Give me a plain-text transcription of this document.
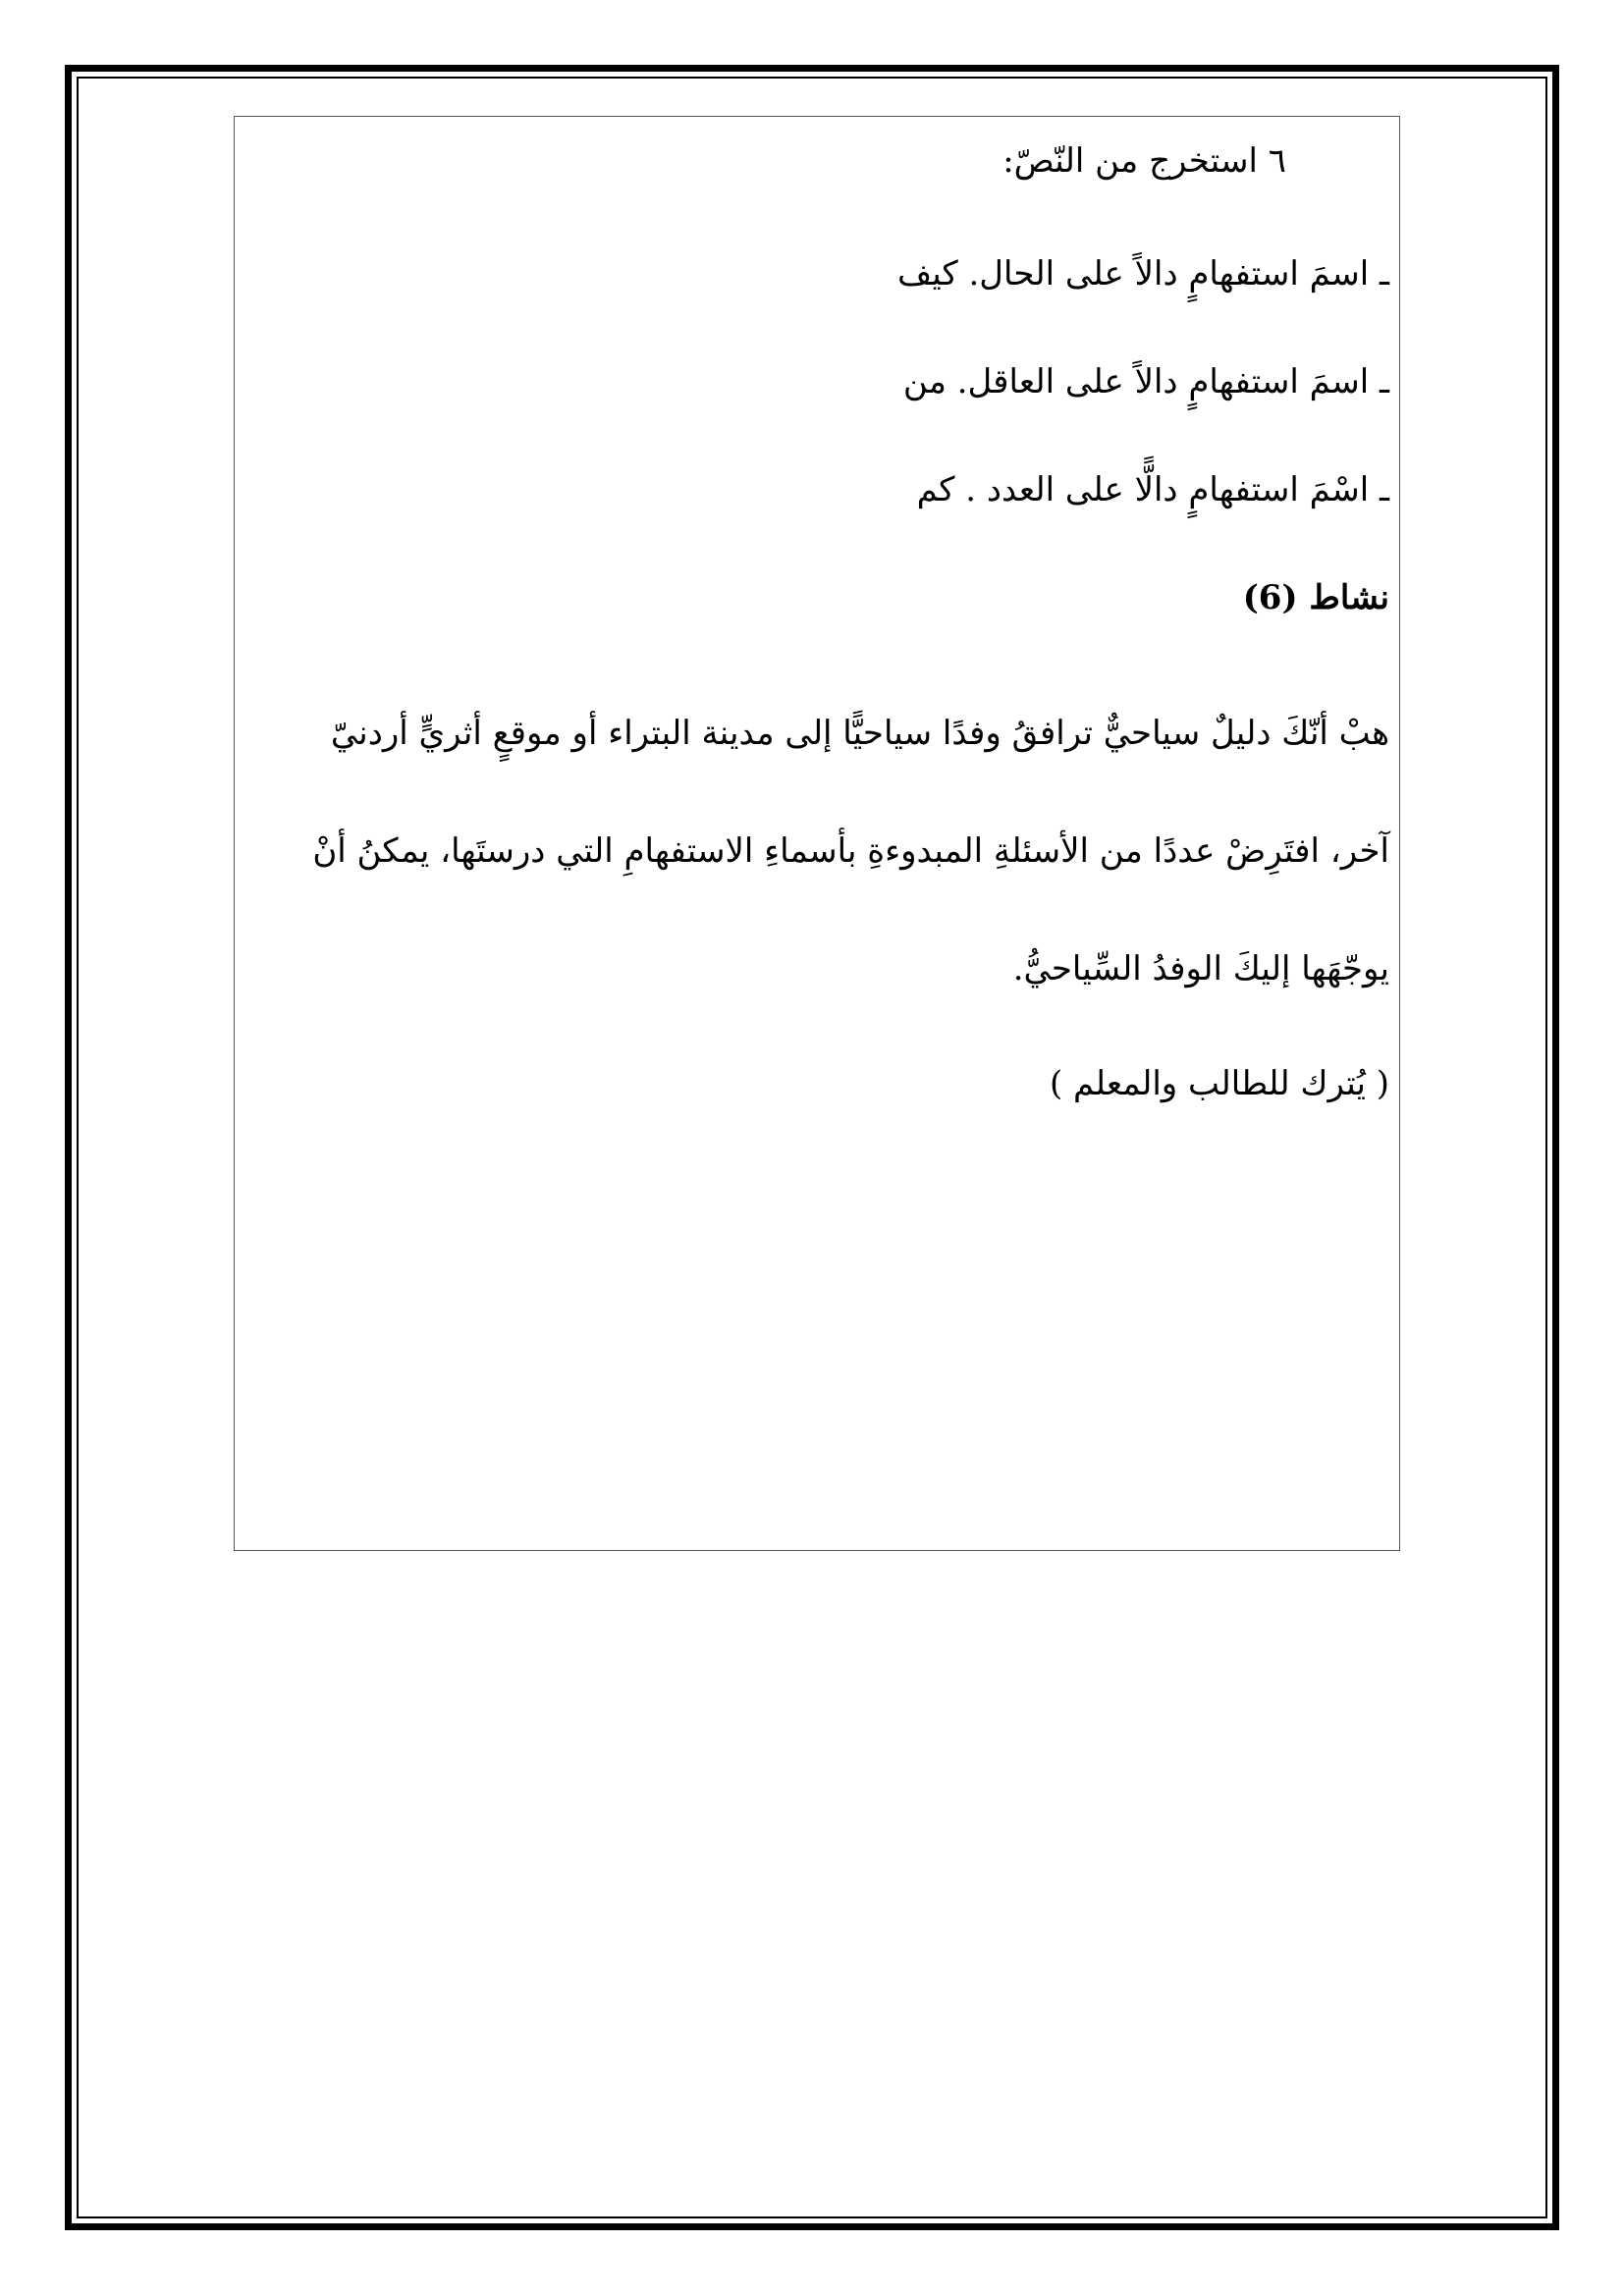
٦ استخرج من النّصّ:
ـ اسمَ استفهامٍ دالاً على الحال. كيف
ـ اسمَ استفهامٍ دالاً على العاقل. من
ـ اسْمَ استفهامٍ دالًّا على العدد . كم
نشاط (6)
هبْ أنّكَ دليلٌ سياحيٌّ ترافقُ وفدًا سياحيًّا إلى مدينة البتراء أو موقعٍ أثريٍّ أردنيّ
آخر، افتَرِضْ عددًا من الأسئلةِ المبدوءةِ بأسماءِ الاستفهامِ التي درستَها، يمكنُ أنْ
يوجّهَها إليكَ الوفدُ السِّياحيُّ.
( يُترك للطالب والمعلم )
